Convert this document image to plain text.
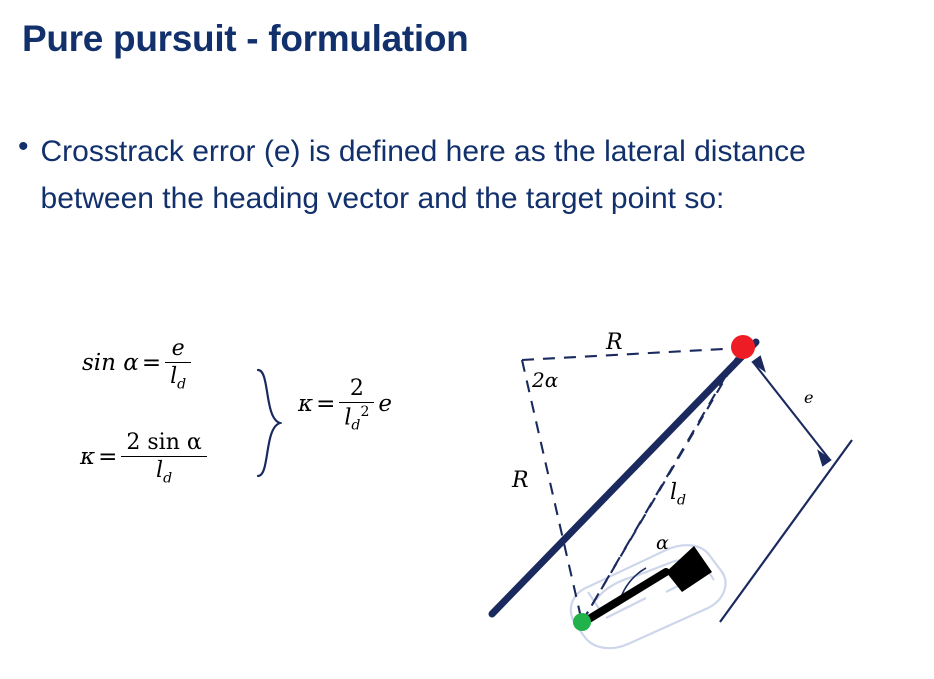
Pure pursuit - formulation
• Crosstrack error (e) is defined here as the lateral distance between the heading vector and the target point so:
$\sin \alpha = \frac{e}{l_d}$
$\kappa = \frac{\text{2 sin α}}{l_d}$
$\kappa = \frac{2}{l_d^2}$ e
R
R
2α
$l_d$
α
e
